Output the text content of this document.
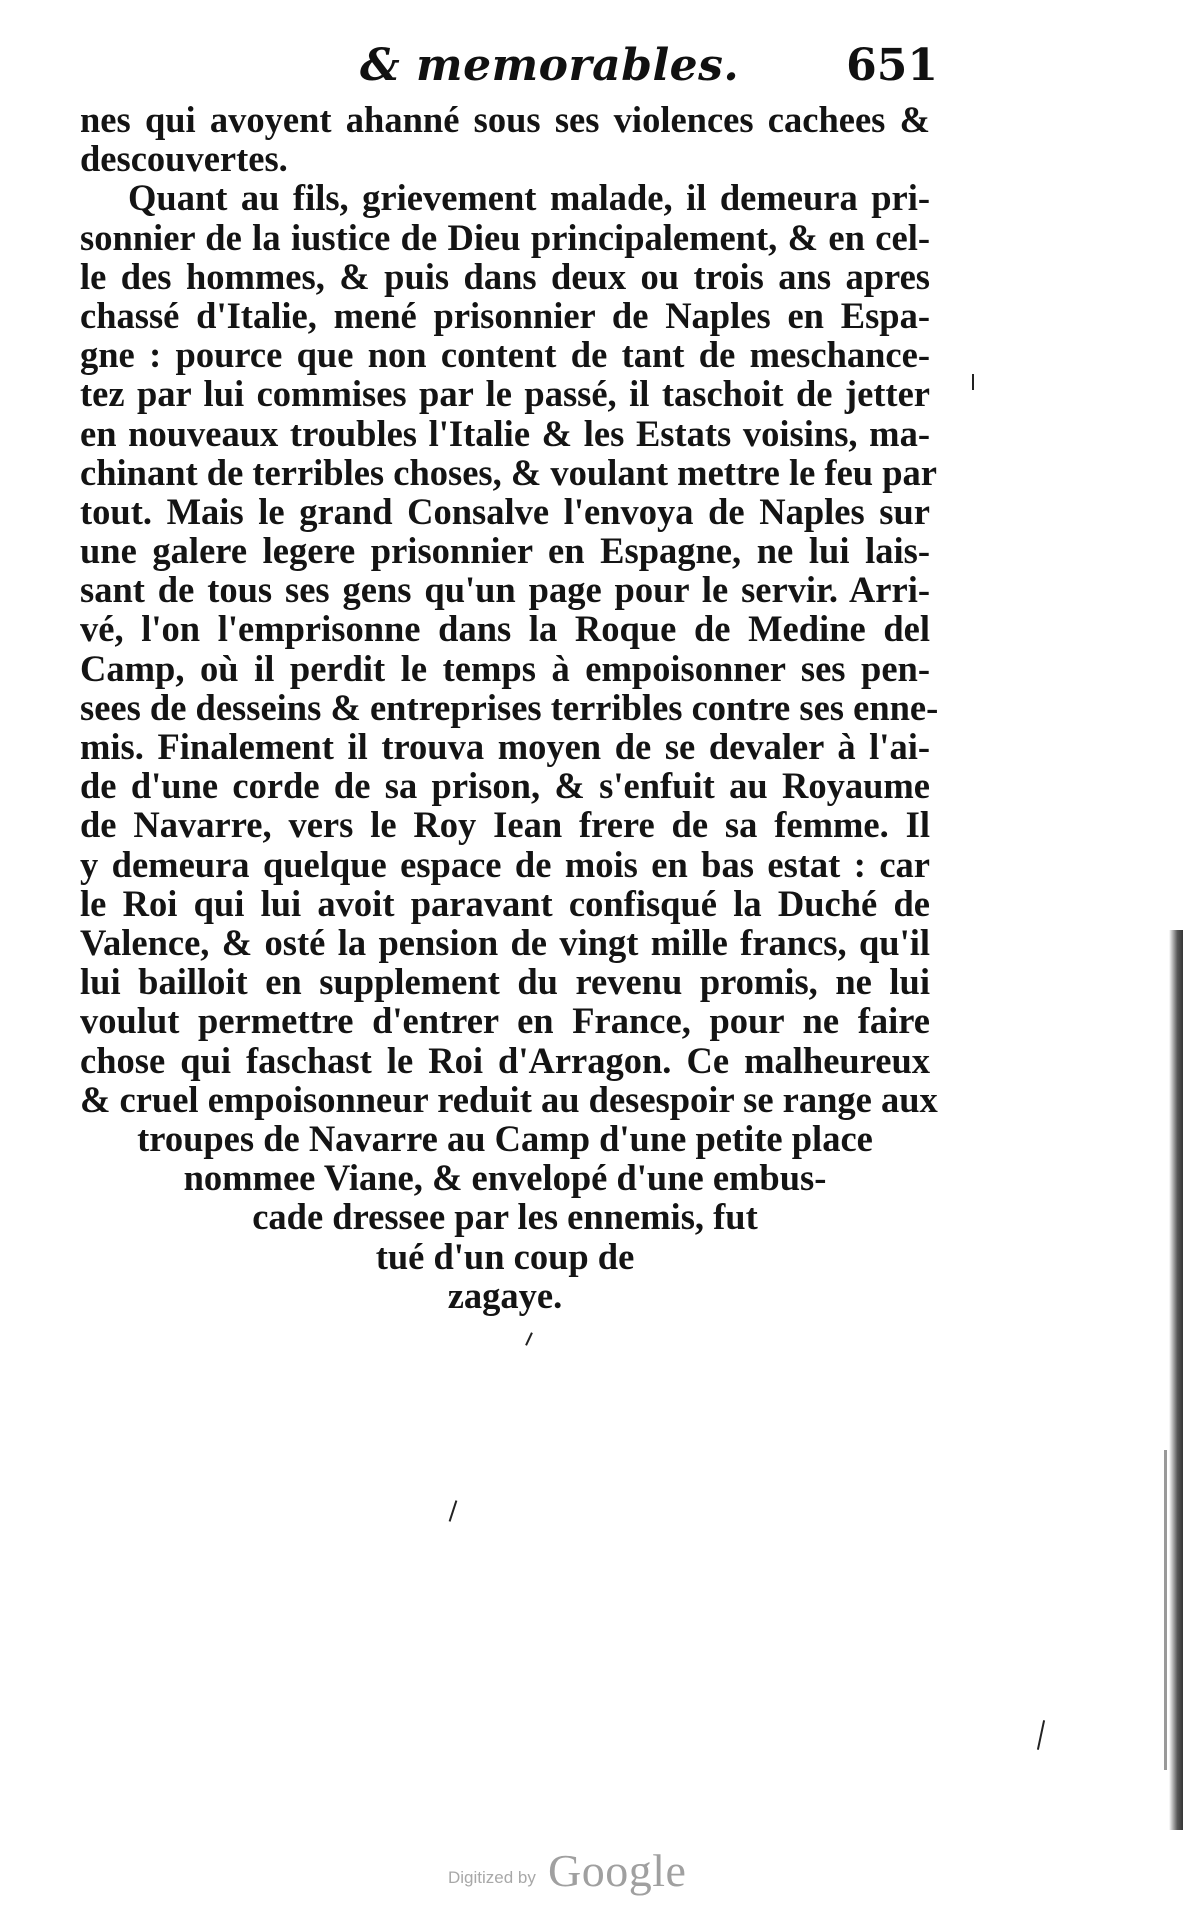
& memorables. 651
nes qui avoyent ahanné sous ses violences cachees &
descouvertes.
Quant au fils, grievement malade, il demeura pri-
sonnier de la iustice de Dieu principalement, & en cel-
le des hommes, & puis dans deux ou trois ans apres
chassé d'Italie, mené prisonnier de Naples en Espa-
gne : pource que non content de tant de meschance-
tez par lui commises par le passé, il taschoit de jetter
en nouveaux troubles l'Italie & les Estats voisins, ma-
chinant de terribles choses, & voulant mettre le feu par
tout. Mais le grand Consalve l'envoya de Naples sur
une galere legere prisonnier en Espagne, ne lui lais-
sant de tous ses gens qu'un page pour le servir. Arri-
vé, l'on l'emprisonne dans la Roque de Medine del
Camp, où il perdit le temps à empoisonner ses pen-
sees de desseins & entreprises terribles contre ses enne-
mis. Finalement il trouva moyen de se devaler à l'ai-
de d'une corde de sa prison, & s'enfuit au Royaume
de Navarre, vers le Roy Iean frere de sa femme. Il
y demeura quelque espace de mois en bas estat : car
le Roi qui lui avoit paravant confisqué la Duché de
Valence, & osté la pension de vingt mille francs, qu'il
lui bailloit en supplement du revenu promis, ne lui
voulut permettre d'entrer en France, pour ne faire
chose qui faschast le Roi d'Arragon. Ce malheureux
& cruel empoisonneur reduit au desespoir se range aux
troupes de Navarre au Camp d'une petite place
nommee Viane, & envelopé d'une embus-
cade dressee par les ennemis, fut
tué d'un coup de
zagaye.
Digitized by Google
